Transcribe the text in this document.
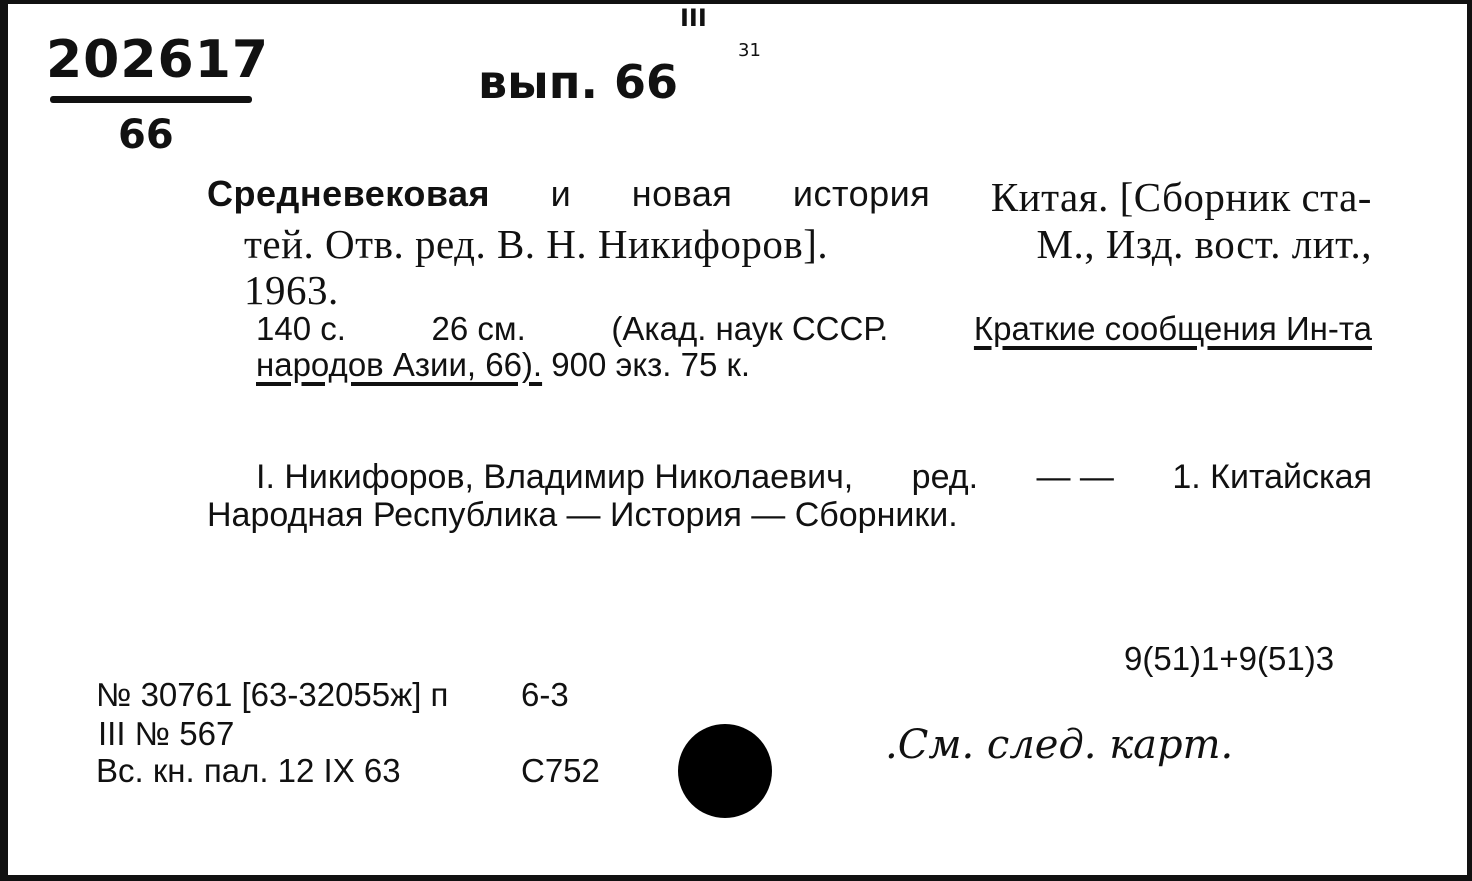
202617
66
вып. 66
III
31
Средневековая и новая история Китая. [Сборник ста-
тей. Отв. ред. В. Н. Никифоров].	М., Изд. вост. лит.,
1963.
140 с.	26 см.	(Акад. наук СССР.	Краткие сообщения Ин-та
народов Азии, 66). 900 экз. 75 к.
I. Никифоров, Владимир Николаевич, ред. — — 1. Китайская
Народная Республика — История — Сборники.
9(51)1+9(51)3
№ 30761 [63-32055ж] п 6-3
III № 567
Вс. кн. пал. 12 IX 63	С752
.См. след. карт.
